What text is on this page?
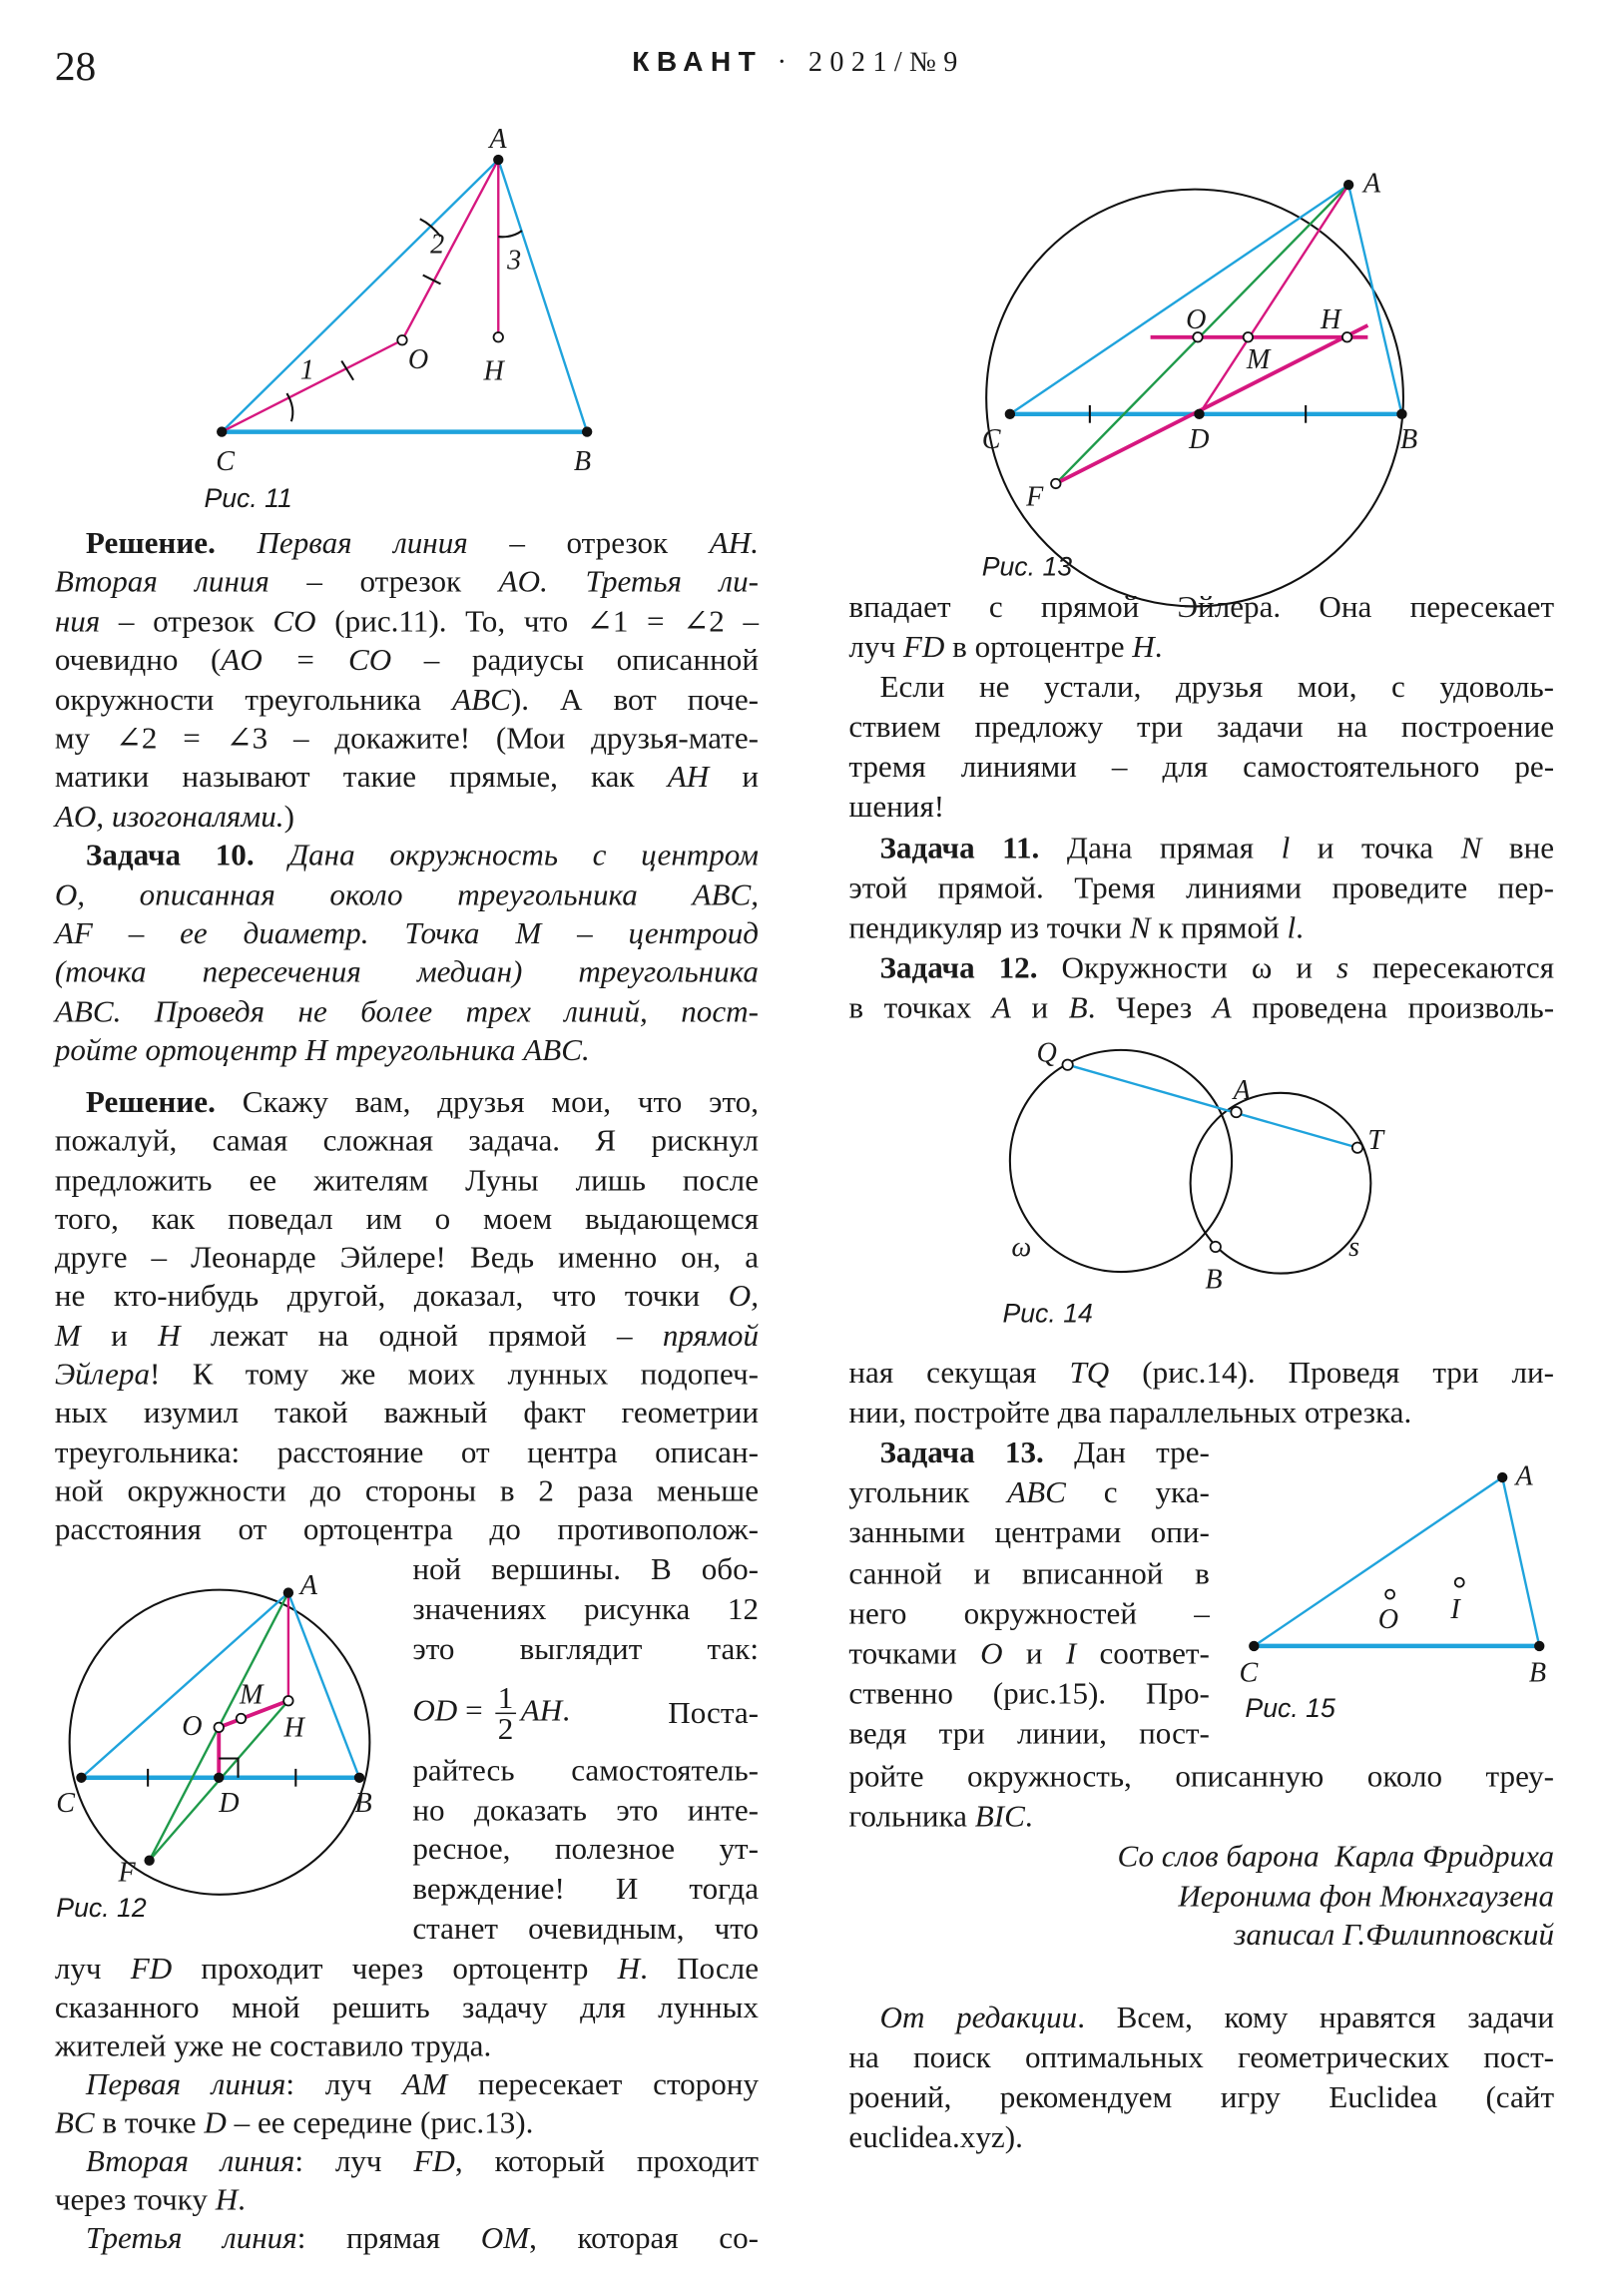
28	КВАНТ · 2021/№9
A
C	B
O	H
1
2
3
Рис. 11
A
O	H
M
C	D	B
F
Рис. 13
A
M
O	H
C	D	B
F
Рис. 12
Q
A
T
B
ω	s
Рис. 14
A
C	B
O	I
Рис. 15
Решение. Первая линия – отрезок AH.
Вторая линия – отрезок AO. Третья ли-
ния – отрезок CO (рис.11). То, что ∠1 = ∠2 –
очевидно (AO = CO – радиусы описанной
окружности треугольника ABC). А вот поче-
му ∠2 = ∠3 – докажите! (Мои друзья-мате-
матики называют такие прямые, как AH и
AO, изогоналями.)
Задача 10. Дана окружность с центром
O, описанная около треугольника ABC,
AF – ее диаметр. Точка M – центроид
(точка пересечения медиан) треугольника
ABC. Проведя не более трех линий, пост-
ройте ортоцентр H треугольника ABC.
Решение. Скажу вам, друзья мои, что это,
пожалуй, самая сложная задача. Я рискнул
предложить ее жителям Луны лишь после
того, как поведал им о моем выдающемся
друге – Леонарде Эйлере! Ведь именно он, а
не кто-нибудь другой, доказал, что точки O,
M и H лежат на одной прямой – прямой
Эйлера! К тому же моих лунных подопеч-
ных изумил такой важный факт геометрии
треугольника: расстояние от центра описан-
ной окружности до стороны в 2 раза меньше
расстояния от ортоцентра до противополож-
ной вершины. В обо-
значениях рисунка 12
это выглядит так:
OD = $\frac{1}{2}$ AH.	Поста-
райтесь самостоятель-
но доказать это инте-
ресное, полезное ут-
верждение! И тогда
станет очевидным, что
луч FD проходит через ортоцентр H. После
сказанного мной решить задачу для лунных
жителей уже не составило труда.
Первая линия: луч AM пересекает сторону
BC в точке D – ее середине (рис.13).
Вторая линия: луч FD, который проходит
через точку H.
Третья линия: прямая OM, которая со-
впадает с прямой Эйлера. Она пересекает
луч FD в ортоцентре H.
Если не устали, друзья мои, с удоволь-
ствием предложу три задачи на построение
тремя линиями – для самостоятельного ре-
шения!
Задача 11. Дана прямая l и точка N вне
этой прямой. Тремя линиями проведите пер-
пендикуляр из точки N к прямой l.
Задача 12. Окружности ω и s пересекаются
в точках A и B. Через A проведена произволь-
ная секущая TQ (рис.14). Проведя три ли-
нии, постройте два параллельных отрезка.
Задача 13. Дан тре-
угольник ABC с ука-
занными центрами опи-
санной и вписанной в
него окружностей –
точками O и I соответ-
ственно (рис.15). Про-
ведя три линии, пост-
ройте окружность, описанную около треу-
гольника BIC.
Со слов барона  Карла Фридриха
Иеронима фон Мюнхгаузена
записал Г.Филипповский
От редакции. Всем, кому нравятся задачи
на поиск оптимальных геометрических пост-
роений, рекомендуем игру Euclidea (сайт
euclidea.xyz).
